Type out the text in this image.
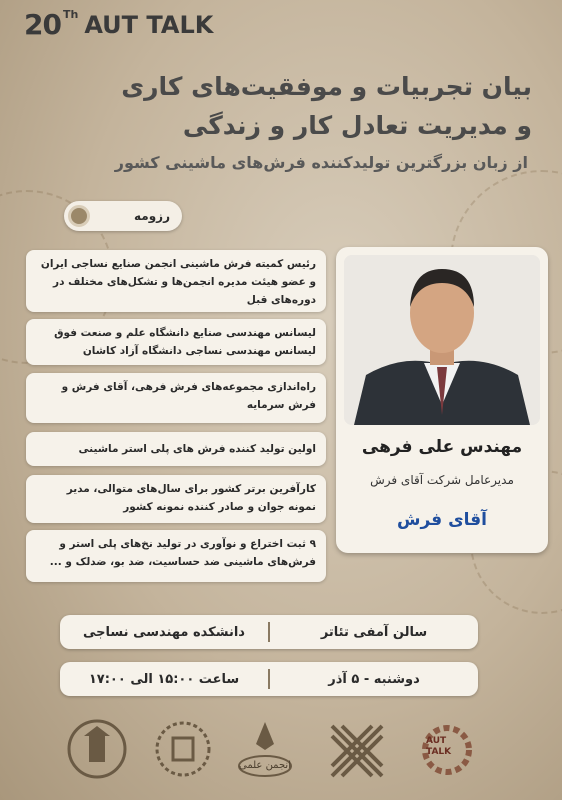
20 Th AUT TALK
بیان تجربیات و موفقیت‌های کاری
و مدیریت تعادل کار و زندگی
از زبان بزرگترین تولیدکننده فرش‌های ماشینی کشور
رزومه
رئیس کمیته فرش ماشینی انجمن صنایع نساجی ایران و عضو هیئت مدیره انجمن‌ها و تشکل‌های مختلف در دوره‌های قبل
لیسانس مهندسی صنایع دانشگاه علم و صنعت فوق لیسانس مهندسی نساجی دانشگاه آزاد کاشان
راه‌اندازی مجموعه‌های فرش فرهی، آقای فرش و فرش سرمایه
اولین تولید کننده فرش های پلی استر ماشینی
کارآفرین برتر کشور برای سال‌های متوالی، مدیر نمونه جوان و صادر کننده نمونه کشور
۹ ثبت اختراع و نوآوری در تولید نخ‌های پلی استر و فرش‌های ماشینی ضد حساسیت، ضد بو، ضدلک و ...
مهندس علی فرهی
مدیرعامل شرکت آقای فرش
آقای فرش
سالن آمفی تئاتر
دانشکده مهندسی نساجی
دوشنبه - ۵ آذر
ساعت ۱۵:۰۰ الی ۱۷:۰۰
انجمن علمی
AUT TALK
